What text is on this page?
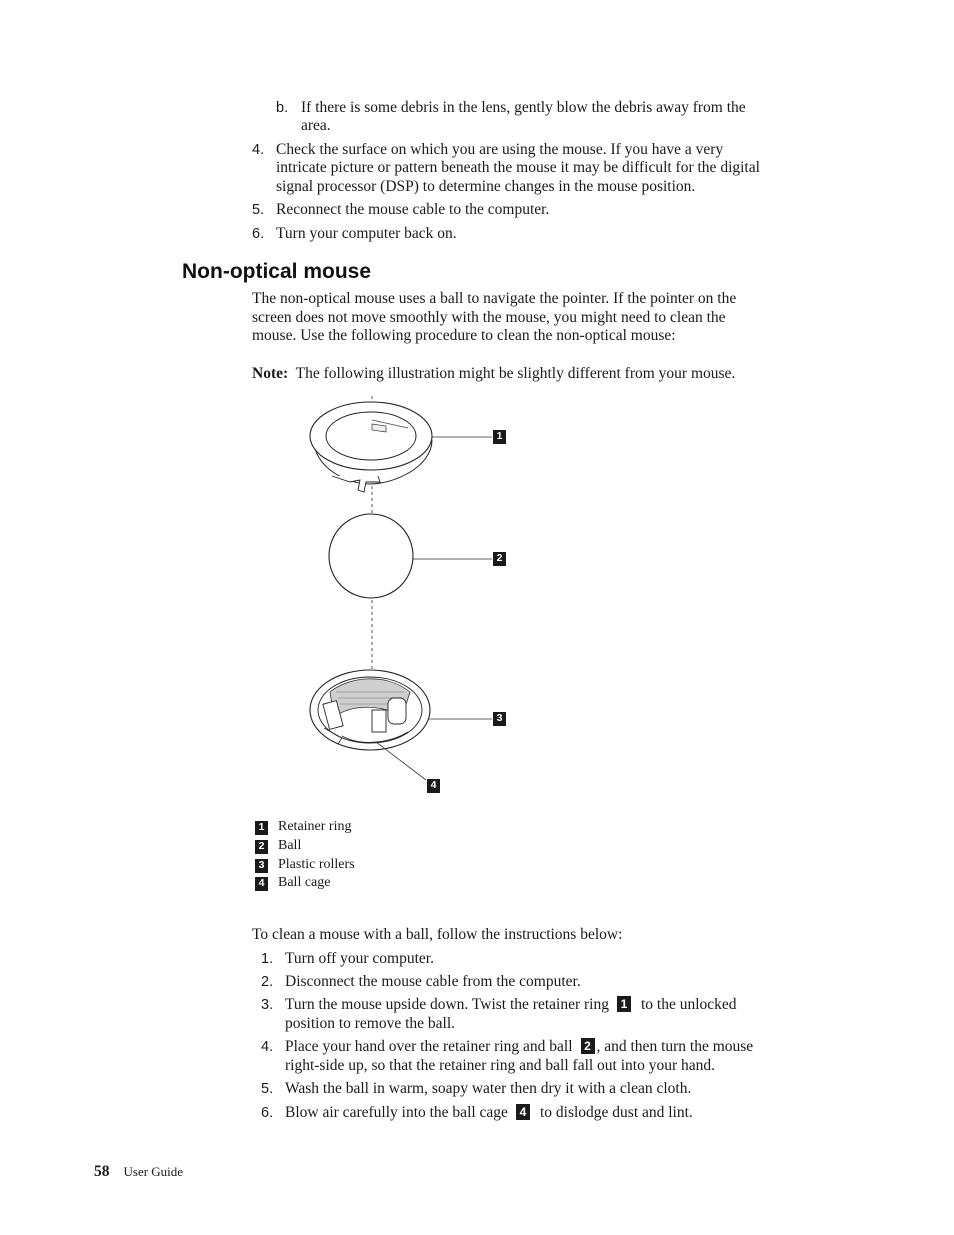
b. If there is some debris in the lens, gently blow the debris away from the
area.
4. Check the surface on which you are using the mouse. If you have a very
intricate picture or pattern beneath the mouse it may be difficult for the digital
signal processor (DSP) to determine changes in the mouse position.
5. Reconnect the mouse cable to the computer.
6. Turn your computer back on.
Non-optical mouse
The non-optical mouse uses a ball to navigate the pointer. If the pointer on the
screen does not move smoothly with the mouse, you might need to clean the
mouse. Use the following procedure to clean the non-optical mouse:
Note: The following illustration might be slightly different from your mouse.
1
2
3
4
1 Retainer ring
2 Ball
3 Plastic rollers
4 Ball cage
To clean a mouse with a ball, follow the instructions below:
1. Turn off your computer.
2. Disconnect the mouse cable from the computer.
3. Turn the mouse upside down. Twist the retainer ring 1 to the unlocked
position to remove the ball.
4. Place your hand over the retainer ring and ball 2 , and then turn the mouse
right-side up, so that the retainer ring and ball fall out into your hand.
5. Wash the ball in warm, soapy water then dry it with a clean cloth.
6. Blow air carefully into the ball cage 4 to dislodge dust and lint.
58 User Guide
